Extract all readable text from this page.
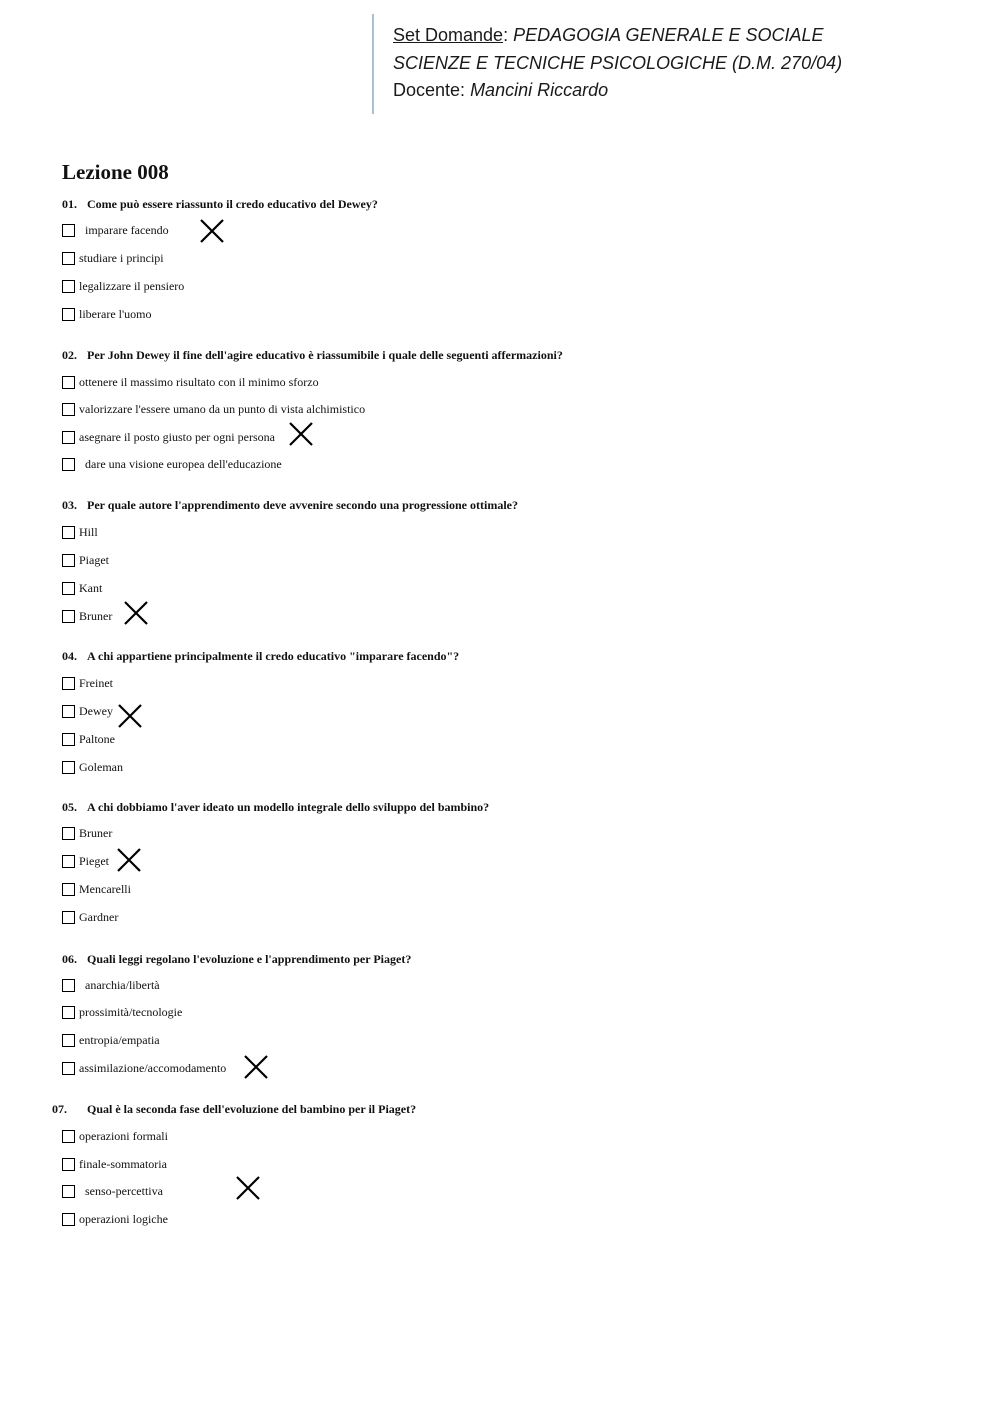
Set Domande: PEDAGOGIA GENERALE E SOCIALE
SCIENZE E TECNICHE PSICOLOGICHE (D.M. 270/04)
Docente: Mancini Riccardo
Lezione 008
01. Come può essere riassunto il credo educativo del Dewey?
imparare facendo
studiare i principi
legalizzare il pensiero
liberare l'uomo
02. Per John Dewey il fine dell'agire educativo è riassumibile i quale delle seguenti affermazioni?
ottenere il massimo risultato con il minimo sforzo
valorizzare l'essere umano da un punto di vista alchimistico
asegnare il posto giusto per ogni persona
dare una visione europea dell'educazione
03. Per quale autore l'apprendimento deve avvenire secondo una progressione ottimale?
Hill
Piaget
Kant
Bruner
04. A chi appartiene principalmente il credo educativo "imparare facendo"?
Freinet
Dewey
Paltone
Goleman
05. A chi dobbiamo l'aver ideato un modello integrale dello sviluppo del bambino?
Bruner
Pieget
Mencarelli
Gardner
06. Quali leggi regolano l'evoluzione e l'apprendimento per Piaget?
anarchia/libertà
prossimità/tecnologie
entropia/empatia
assimilazione/accomodamento
07. Qual è la seconda fase dell'evoluzione del bambino per il Piaget?
operazioni formali
finale-sommatoria
senso-percettiva
operazioni logiche
